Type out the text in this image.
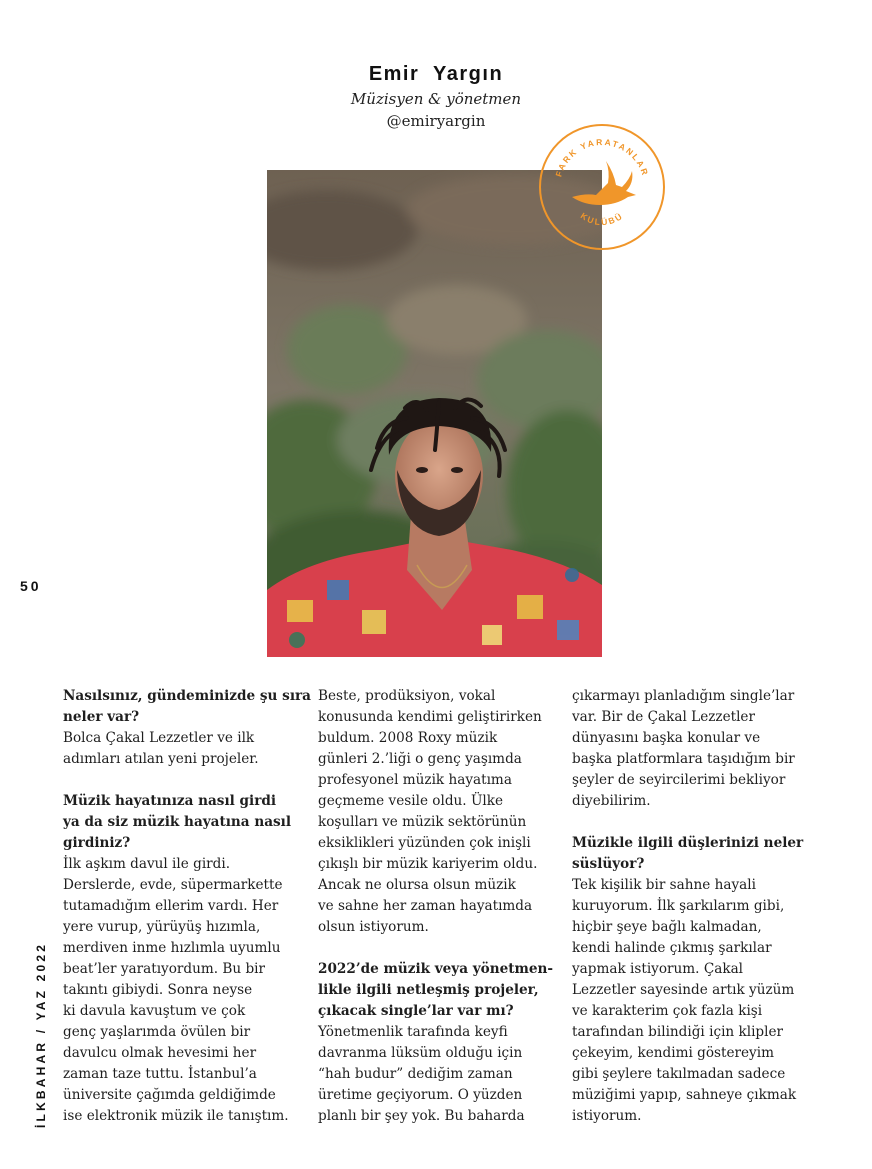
Emir  Yargın
Müzisyen & yönetmen
@emiryargin
50
İLKBAHAR / YAZ 2022
FARK YARATANLAR
KULÜBÜ

Nasılsınız, gündeminizde şu sıra
neler var?

Bolca Çakal Lezzetler ve ilk
adımları atılan yeni projeler.

Müzik hayatınıza nasıl girdi
ya da siz müzik hayatına nasıl
girdiniz?

İlk aşkım davul ile girdi.
Derslerde, evde, süpermarkette
tutamadığım ellerim vardı. Her
yere vurup, yürüyüş hızımla,
merdiven inme hızlımla uyumlu
beat’ler yaratıyordum. Bu bir
takıntı gibiydi. Sonra neyse
ki davula kavuştum ve çok
genç yaşlarımda övülen bir
davulcu olmak hevesimi her
zaman taze tuttu. İstanbul’a
üniversite çağımda geldiğimde
ise elektronik müzik ile tanıştım.

Beste, prodüksiyon, vokal
konusunda kendimi geliştirirken
buldum. 2008 Roxy müzik
günleri 2.’liği o genç yaşımda
profesyonel müzik hayatıma
geçmeme vesile oldu. Ülke
koşulları ve müzik sektörünün
eksiklikleri yüzünden çok inişli
çıkışlı bir müzik kariyerim oldu.
Ancak ne olursa olsun müzik
ve sahne her zaman hayatımda
olsun istiyorum.

2022’de müzik veya yönetmen-
likle ilgili netleşmiş projeler,
çıkacak single’lar var mı?

Yönetmenlik tarafında keyfi
davranma lüksüm olduğu için
“hah budur” dediğim zaman
üretime geçiyorum. O yüzden
planlı bir şey yok. Bu baharda

çıkarmayı planladığım single’lar
var. Bir de Çakal Lezzetler
dünyasını başka konular ve
başka platformlara taşıdığım bir
şeyler de seyircilerimi bekliyor
diyebilirim.

Müzikle ilgili düşlerinizi neler
süslüyor?

Tek kişilik bir sahne hayali
kuruyorum. İlk şarkılarım gibi,
hiçbir şeye bağlı kalmadan,
kendi halinde çıkmış şarkılar
yapmak istiyorum. Çakal
Lezzetler sayesinde artık yüzüm
ve karakterim çok fazla kişi
tarafından bilindiği için klipler
çekeyim, kendimi göstereyim
gibi şeylere takılmadan sadece
müziğimi yapıp, sahneye çıkmak
istiyorum.
